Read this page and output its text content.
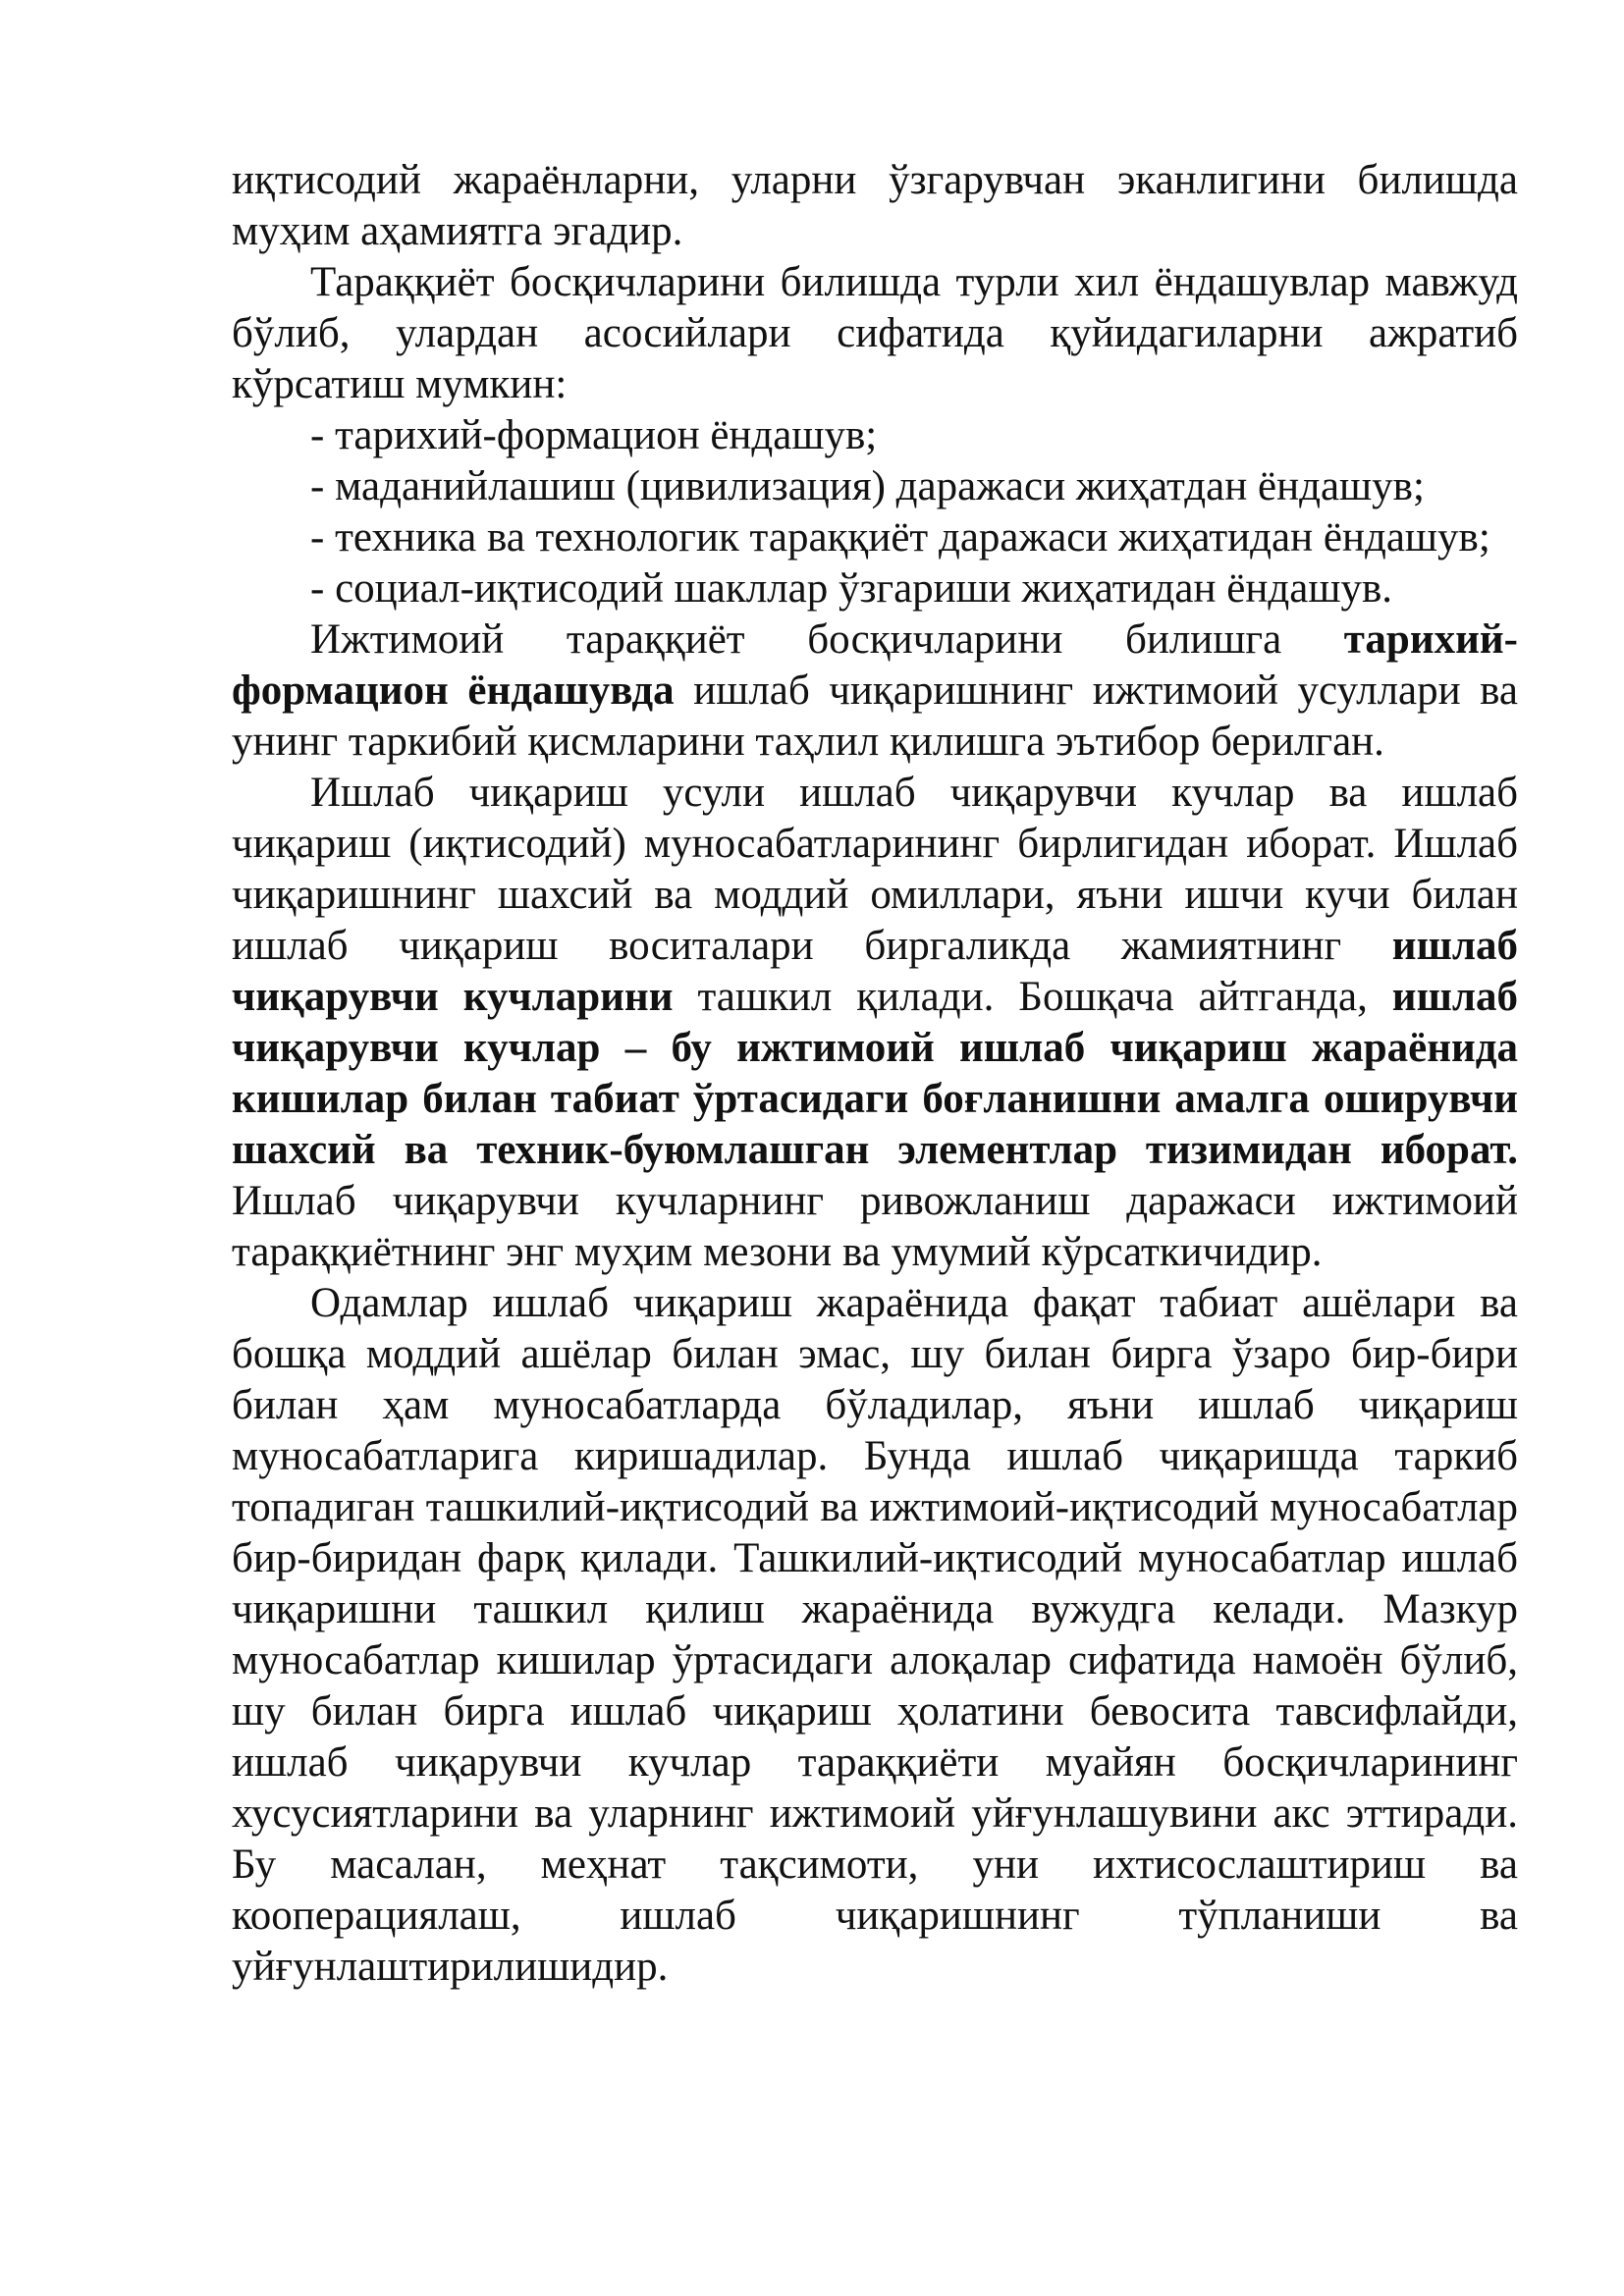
иқтисодий жараёнларни, уларни ўзгарувчан эканлигини билишда муҳим аҳамиятга эгадир.

Тараққиёт босқичларини билишда турли хил ёндашувлар мавжуд бўлиб, улардан асосийлари сифатида қуйидагиларни ажратиб кўрсатиш мумкин:

- тарихий-формацион ёндашув;

- маданийлашиш (цивилизация) даражаси жиҳатдан ёндашув;

- техника ва технологик тараққиёт даражаси жиҳатидан ёндашув;

- социал-иқтисодий шакллар ўзгариши жиҳатидан ёндашув.

Ижтимоий тараққиёт босқичларини билишга тарихий-формацион ёндашувда ишлаб чиқаришнинг ижтимоий усуллари ва унинг таркибий қисмларини таҳлил қилишга эътибор берилган.

Ишлаб чиқариш усули ишлаб чиқарувчи кучлар ва ишлаб чиқариш (иқтисодий) муносабатларининг бирлигидан иборат. Ишлаб чиқаришнинг шахсий ва моддий омиллари, яъни ишчи кучи билан ишлаб чиқариш воситалари биргаликда жамиятнинг ишлаб чиқарувчи кучларини ташкил қилади. Бошқача айтганда, ишлаб чиқарувчи кучлар – бу ижтимоий ишлаб чиқариш жараёнида кишилар билан табиат ўртасидаги боғланишни амалга оширувчи шахсий ва техник-буюмлашган элементлар тизимидан иборат. Ишлаб чиқарувчи кучларнинг ривожланиш даражаси ижтимоий тараққиётнинг энг муҳим мезони ва умумий кўрсаткичидир.

Одамлар ишлаб чиқариш жараёнида фақат табиат ашёлари ва бошқа моддий ашёлар билан эмас, шу билан бирга ўзаро бир-бири билан ҳам муносабатларда бўладилар, яъни ишлаб чиқариш муносабатларига киришадилар. Бунда ишлаб чиқаришда таркиб топадиган ташкилий-иқтисодий ва ижтимоий-иқтисодий муносабатлар бир-биридан фарқ қилади. Ташкилий-иқтисодий муносабатлар ишлаб чиқаришни ташкил қилиш жараёнида вужудга келади. Мазкур муносабатлар кишилар ўртасидаги алоқалар сифатида намоён бўлиб, шу билан бирга ишлаб чиқариш ҳолатини бевосита тавсифлайди, ишлаб чиқарувчи кучлар тараққиёти муайян босқичларининг хусусиятларини ва уларнинг ижтимоий уйғунлашувини акс эттиради. Бу масалан, меҳнат тақсимоти, уни ихтисослаштириш ва кооперациялаш, ишлаб чиқаришнинг тўпланиши ва уйғунлаштирилишидир.
